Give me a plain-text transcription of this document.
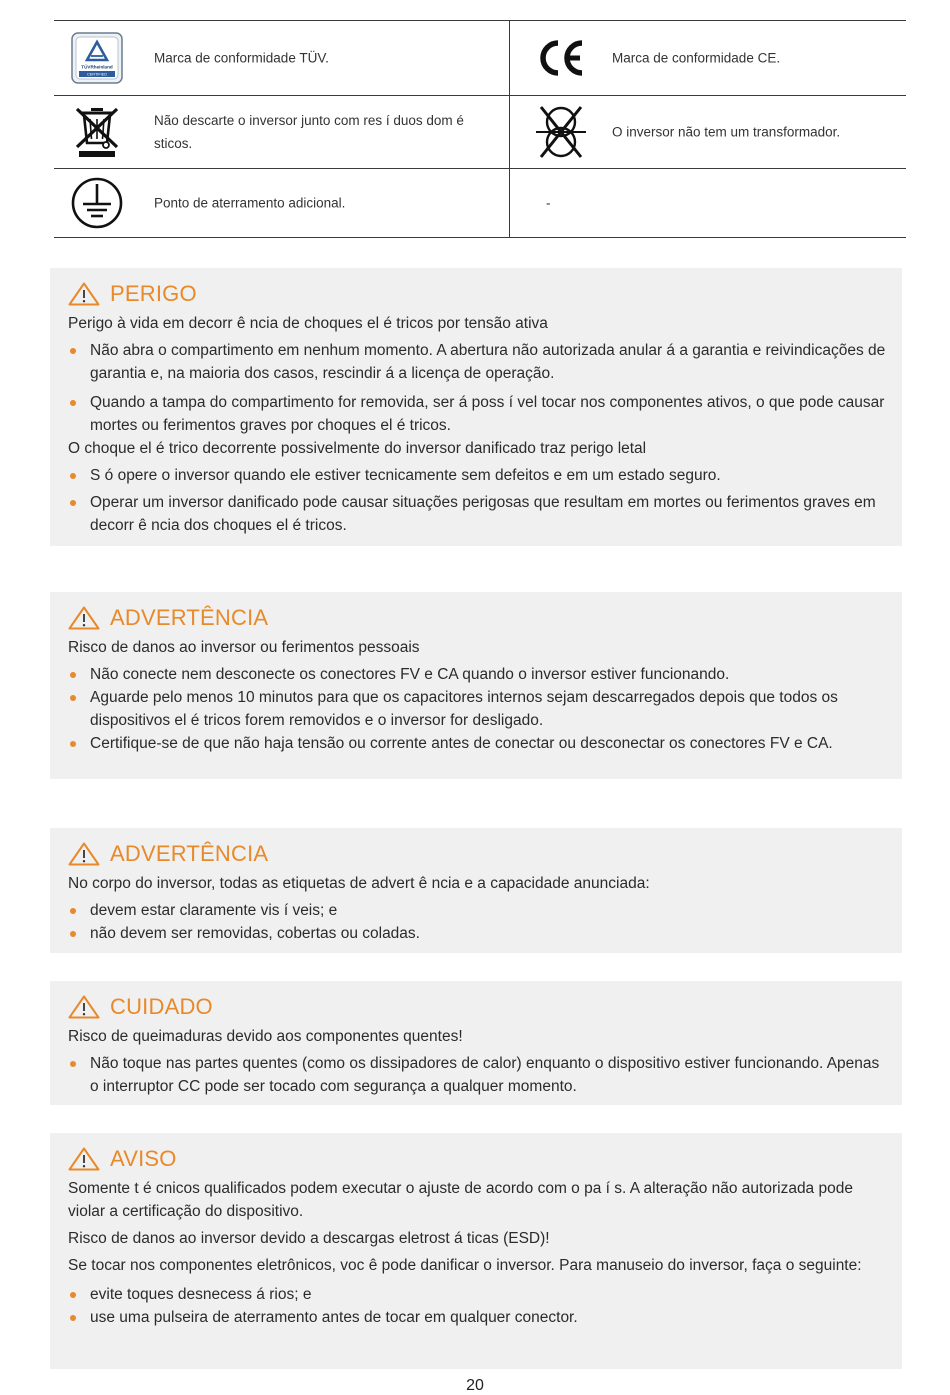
TÜVRheinland
CERTIFIED
Marca de conformidade TÜV.	Marca de conformidade CE.
Não descarte o inversor junto com res í duos dom é sticos.
O inversor não tem um transformador.
Ponto de aterramento adicional.	-
PERIGO

Perigo à vida em decorr ê ncia de choques el é tricos por tensão ativa

Não abra o compartimento em nenhum momento. A abertura não autorizada anular á a garantia e reivindicações de garantia e, na maioria dos casos, rescindir á a licença de operação.
Quando a tampa do compartimento for removida, ser á poss í vel tocar nos componentes ativos, o que pode causar mortes ou ferimentos graves por choques el é tricos.

O choque el é trico decorrente possivelmente do inversor danificado traz perigo letal

S ó opere o inversor quando ele estiver tecnicamente sem defeitos e em um estado seguro.
Operar um inversor danificado pode causar situações perigosas que resultam em mortes ou ferimentos graves em decorr ê ncia dos choques el é tricos.
ADVERTÊNCIA

Risco de danos ao inversor ou ferimentos pessoais

Não conecte nem desconecte os conectores FV e CA quando o inversor estiver funcionando.
Aguarde pelo menos 10 minutos para que os capacitores internos sejam descarregados depois que todos os dispositivos el é tricos forem removidos e o inversor for desligado.
Certifique-se de que não haja tensão ou corrente antes de conectar ou desconectar os conectores FV e CA.
ADVERTÊNCIA

No corpo do inversor, todas as etiquetas de advert ê ncia e a capacidade anunciada:

devem estar claramente vis í veis; e
não devem ser removidas, cobertas ou coladas.
CUIDADO

Risco de queimaduras devido aos componentes quentes!

Não toque nas partes quentes (como os dissipadores de calor) enquanto o dispositivo estiver funcionando. Apenas o interruptor CC pode ser tocado com segurança a qualquer momento.
AVISO

Somente t é cnicos qualificados podem executar o ajuste de acordo com o pa í s. A alteração não autorizada pode violar a certificação do dispositivo.

Risco de danos ao inversor devido a descargas eletrost á ticas (ESD)!

Se tocar nos componentes eletrônicos, voc ê pode danificar o inversor. Para manuseio do inversor, faça o seguinte:

evite toques desnecess á rios; e
use uma pulseira de aterramento antes de tocar em qualquer conector.
20
